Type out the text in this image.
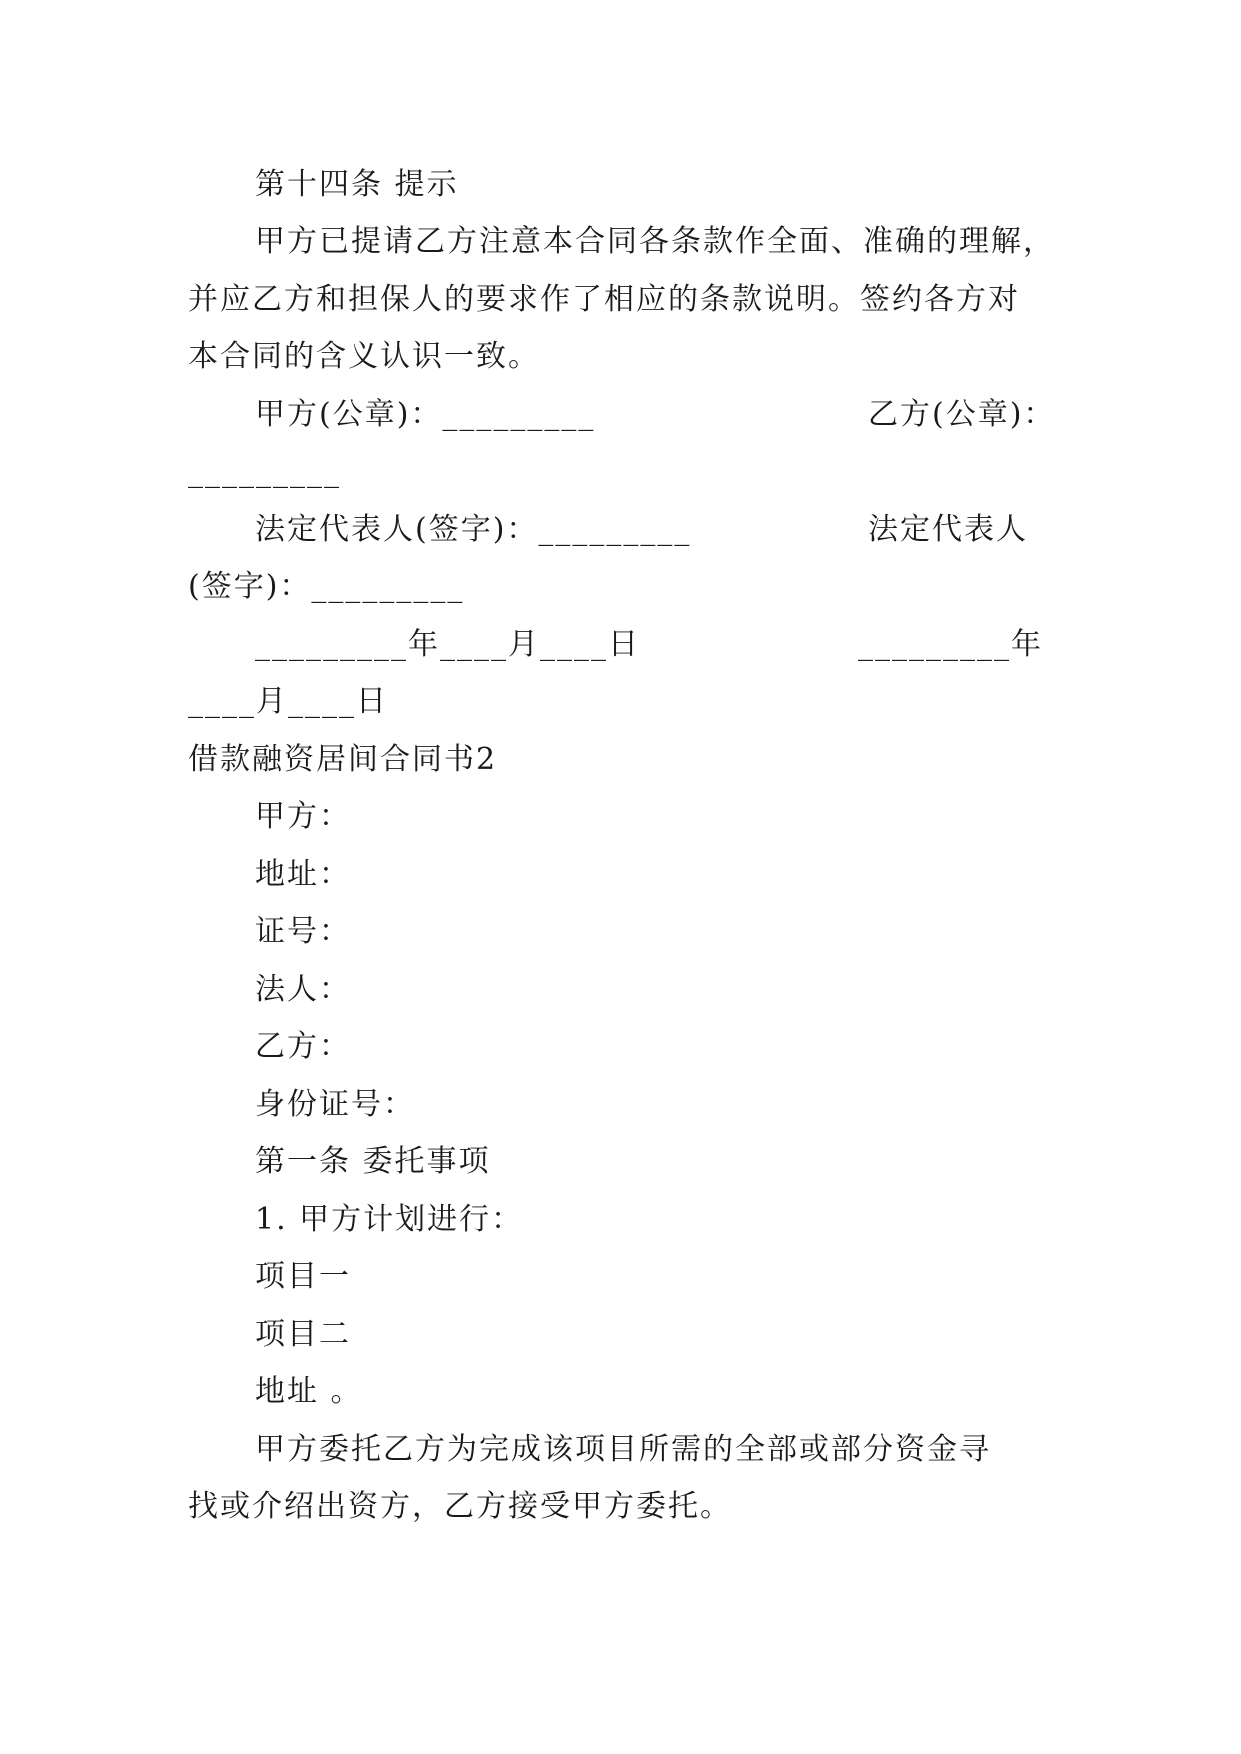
第十四条 提示
甲方已提请乙方注意本合同各条款作全面、准确的理解，
并应乙方和担保人的要求作了相应的条款说明。签约各方对
本合同的含义认识一致。
甲方(公章)：_________	乙方(公章)：
_________
法定代表人(签字)：_________	法定代表人
(签字)：_________
_________年____月____日	_________年
____月____日
借款融资居间合同书2
甲方：
地址：
证号：
法人：
乙方：
身份证号：
第一条 委托事项
1. 甲方计划进行：
项目一
项目二
地址 。
甲方委托乙方为完成该项目所需的全部或部分资金寻
找或介绍出资方，乙方接受甲方委托。
